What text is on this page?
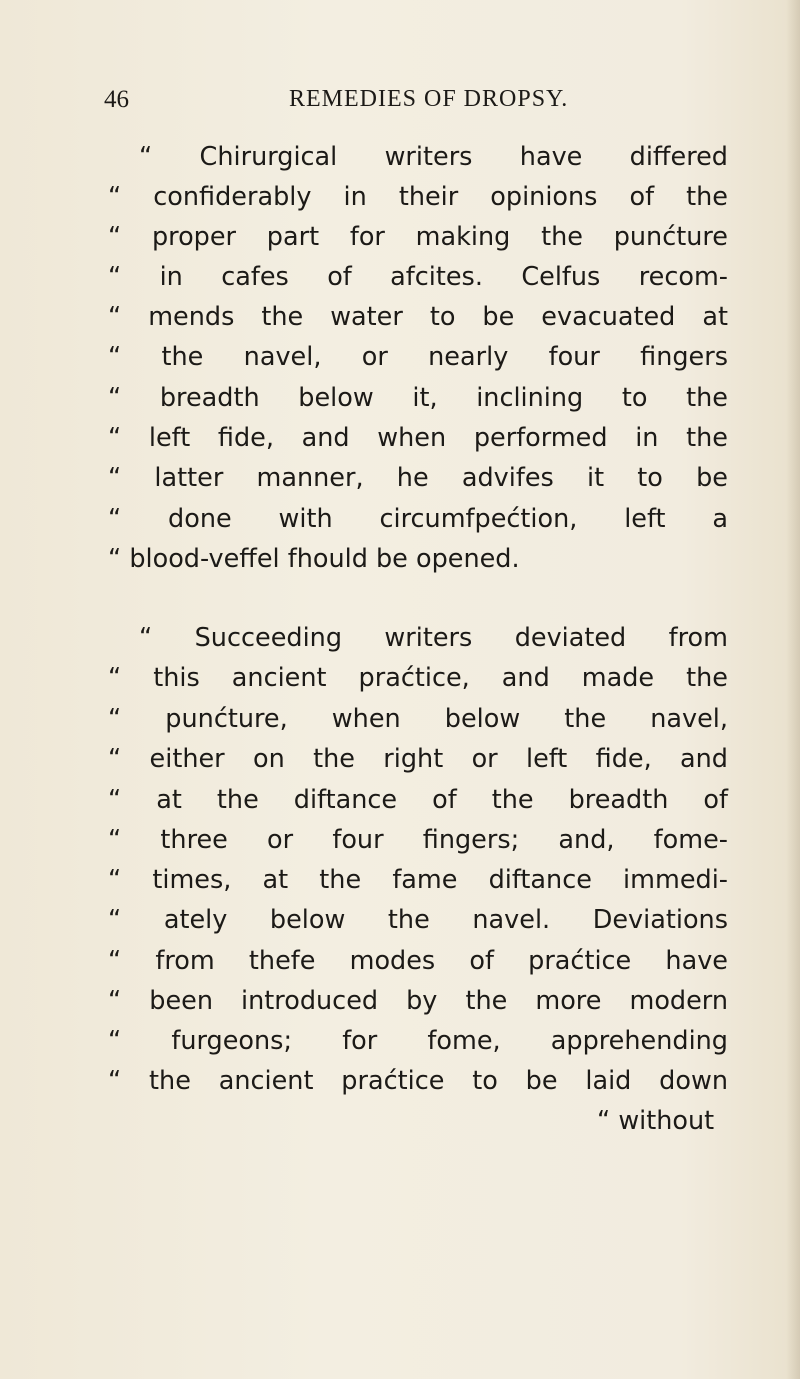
46	REMEDIES OF DROPSY.
“ Chirurgical writers have differed
“ confiderably in their opinions of the
“ proper part for making the punćture
“ in cafes of afcites. Celfus recom-
“ mends the water to be evacuated at
“ the navel, or nearly four fingers
“ breadth below it, inclining to the
“ left fide, and when performed in the
“ latter manner, he advifes it to be
“ done with circumfpećtion, left a
“ blood-veffel fhould be opened.
“ Succeeding writers deviated from
“ this ancient praćtice, and made the
“ punćture, when below the navel,
“ either on the right or left fide, and
“ at the diftance of the breadth of
“ three or four fingers; and, fome-
“ times, at the fame diftance immedi-
“ ately below the navel. Deviations
“ from thefe modes of praćtice have
“ been introduced by the more modern
“ furgeons; for fome, apprehending
“ the ancient praćtice to be laid down
“ without
